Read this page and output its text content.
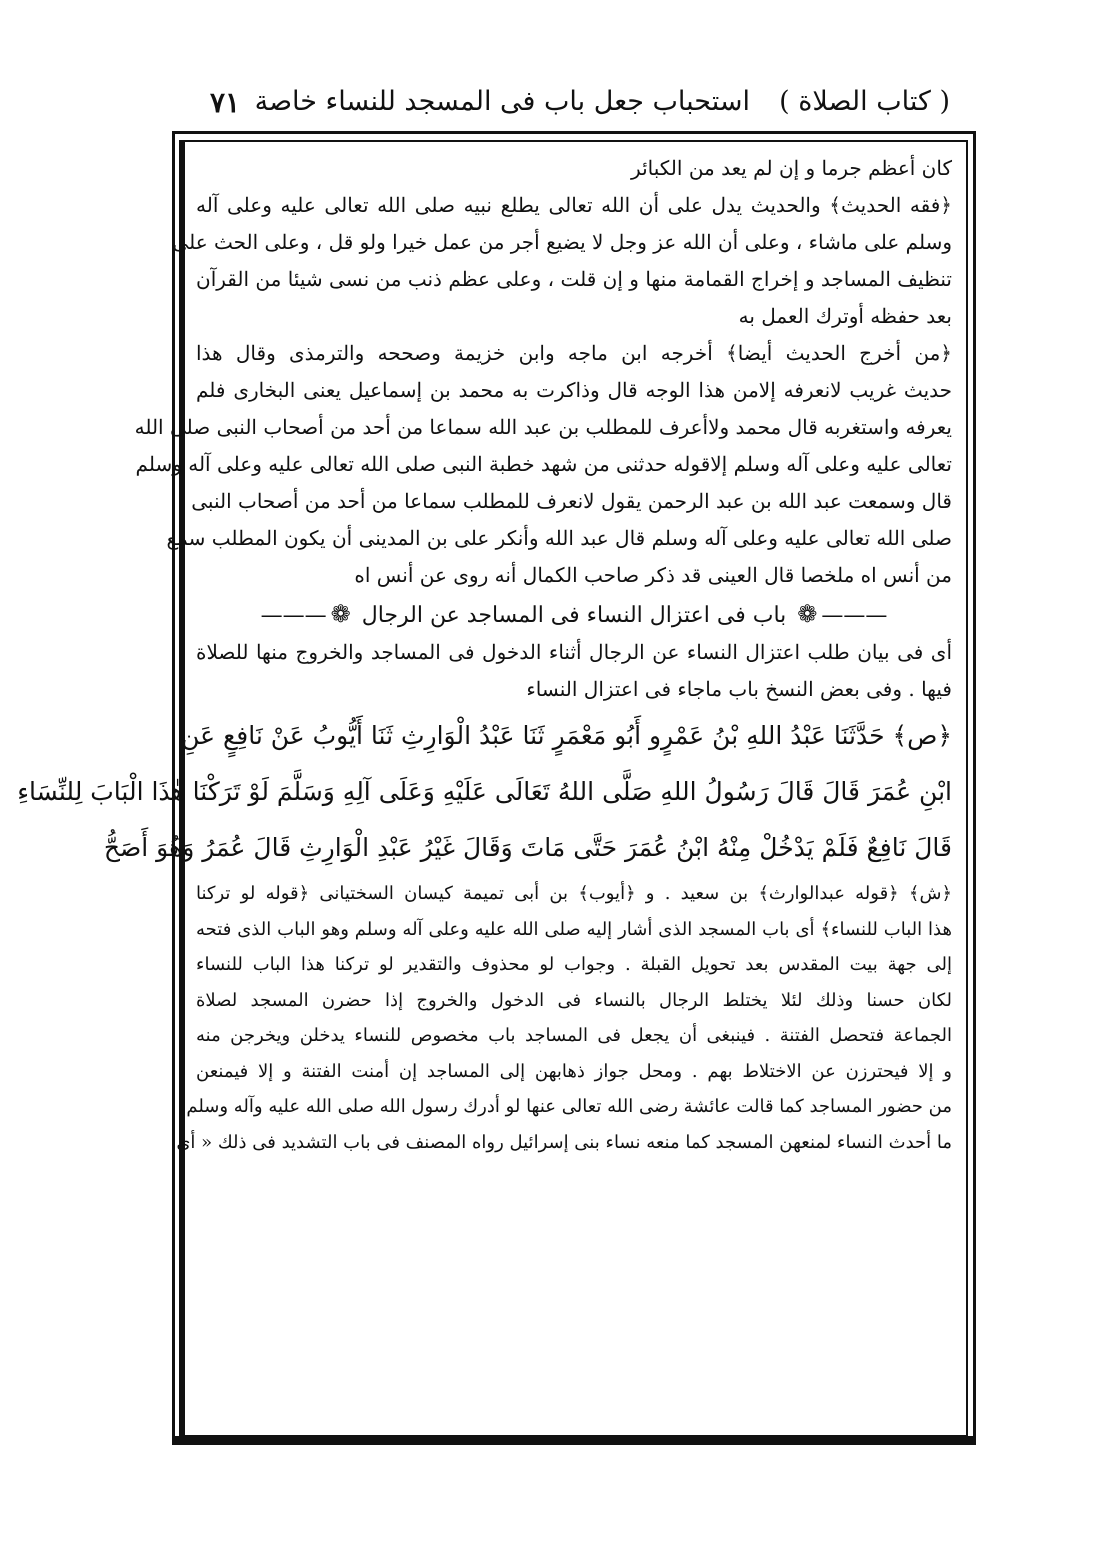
( كتاب الصلاة )
استحباب جعل باب فى المسجد للنساء خاصة
٧١
كان أعظم جرما و إن لم يعد من الكبائر
﴿فقه الحديث﴾ والحديث يدل على أن الله تعالى يطلع نبيه صلى الله تعالى عليه وعلى آله
وسلم على ماشاء ، وعلى أن الله عز وجل لا يضيع أجر من عمل خيرا ولو قل ، وعلى الحث على
تنظيف المساجد و إخراج القمامة منها و إن قلت ، وعلى عظم ذنب من نسى شيئا من القرآن
بعد حفظه أوترك العمل به
﴿من أخرج الحديث أيضا﴾ أخرجه ابن ماجه وابن خزيمة وصححه والترمذى وقال هذا
حديث غريب لانعرفه إلامن هذا الوجه قال وذاكرت به محمد بن إسماعيل يعنى البخارى فلم
يعرفه واستغربه قال محمد ولاأعرف للمطلب بن عبد الله سماعا من أحد من أصحاب النبى صلى الله
تعالى عليه وعلى آله وسلم إلاقوله حدثنى من شهد خطبة النبى صلى الله تعالى عليه وعلى آله وسلم
قال وسمعت عبد الله بن عبد الرحمن يقول لانعرف للمطلب سماعا من أحد من أصحاب النبى
صلى الله تعالى عليه وعلى آله وسلم قال عبد الله وأنكر على بن المدينى أن يكون المطلب سمع
من أنس اه ملخصا قال العينى قد ذكر صاحب الكمال أنه روى عن أنس اه
———❁ باب فى اعتزال النساء فى المساجد عن الرجال ❁———
أى فى بيان طلب اعتزال النساء عن الرجال أثناء الدخول فى المساجد والخروج منها للصلاة
فيها . وفى بعض النسخ باب ماجاء فى اعتزال النساء
﴿ص﴾ حَدَّثَنَا عَبْدُ اللهِ بْنُ عَمْرٍو أَبُو مَعْمَرٍ ثَنَا عَبْدُ الْوَارِثِ ثَنَا أَيُّوبُ عَنْ نَافِعٍ عَنِ
ابْنِ عُمَرَ قَالَ قَالَ رَسُولُ اللهِ صَلَّى اللهُ تَعَالَى عَلَيْهِ وَعَلَى آلِهِ وَسَلَّمَ لَوْ تَرَكْنَا هٰذَا الْبَابَ لِلنِّسَاءِ
قَالَ نَافِعٌ فَلَمْ يَدْخُلْ مِنْهُ ابْنُ عُمَرَ حَتَّى مَاتَ وَقَالَ غَيْرُ عَبْدِ الْوَارِثِ قَالَ عُمَرُ وَهُوَ أَصَحُّ
﴿ش﴾ ﴿قوله عبدالوارث﴾ بن سعيد . و ﴿أيوب﴾ بن أبى تميمة كيسان السختيانى ﴿قوله لو تركنا
هذا الباب للنساء﴾ أى باب المسجد الذى أشار إليه صلى الله عليه وعلى آله وسلم وهو الباب الذى فتحه
إلى جهة بيت المقدس بعد تحويل القبلة . وجواب لو محذوف والتقدير لو تركنا هذا الباب للنساء
لكان حسنا وذلك لئلا يختلط الرجال بالنساء فى الدخول والخروج إذا حضرن المسجد لصلاة
الجماعة فتحصل الفتنة . فينبغى أن يجعل فى المساجد باب مخصوص للنساء يدخلن ويخرجن منه
و إلا فيحترزن عن الاختلاط بهم . ومحل جواز ذهابهن إلى المساجد إن أمنت الفتنة و إلا فيمنعن
من حضور المساجد كما قالت عائشة رضى الله تعالى عنها لو أدرك رسول الله صلى الله عليه وآله وسلم
ما أحدث النساء لمنعهن المسجد كما منعه نساء بنى إسرائيل رواه المصنف فى باب التشديد فى ذلك « أى
